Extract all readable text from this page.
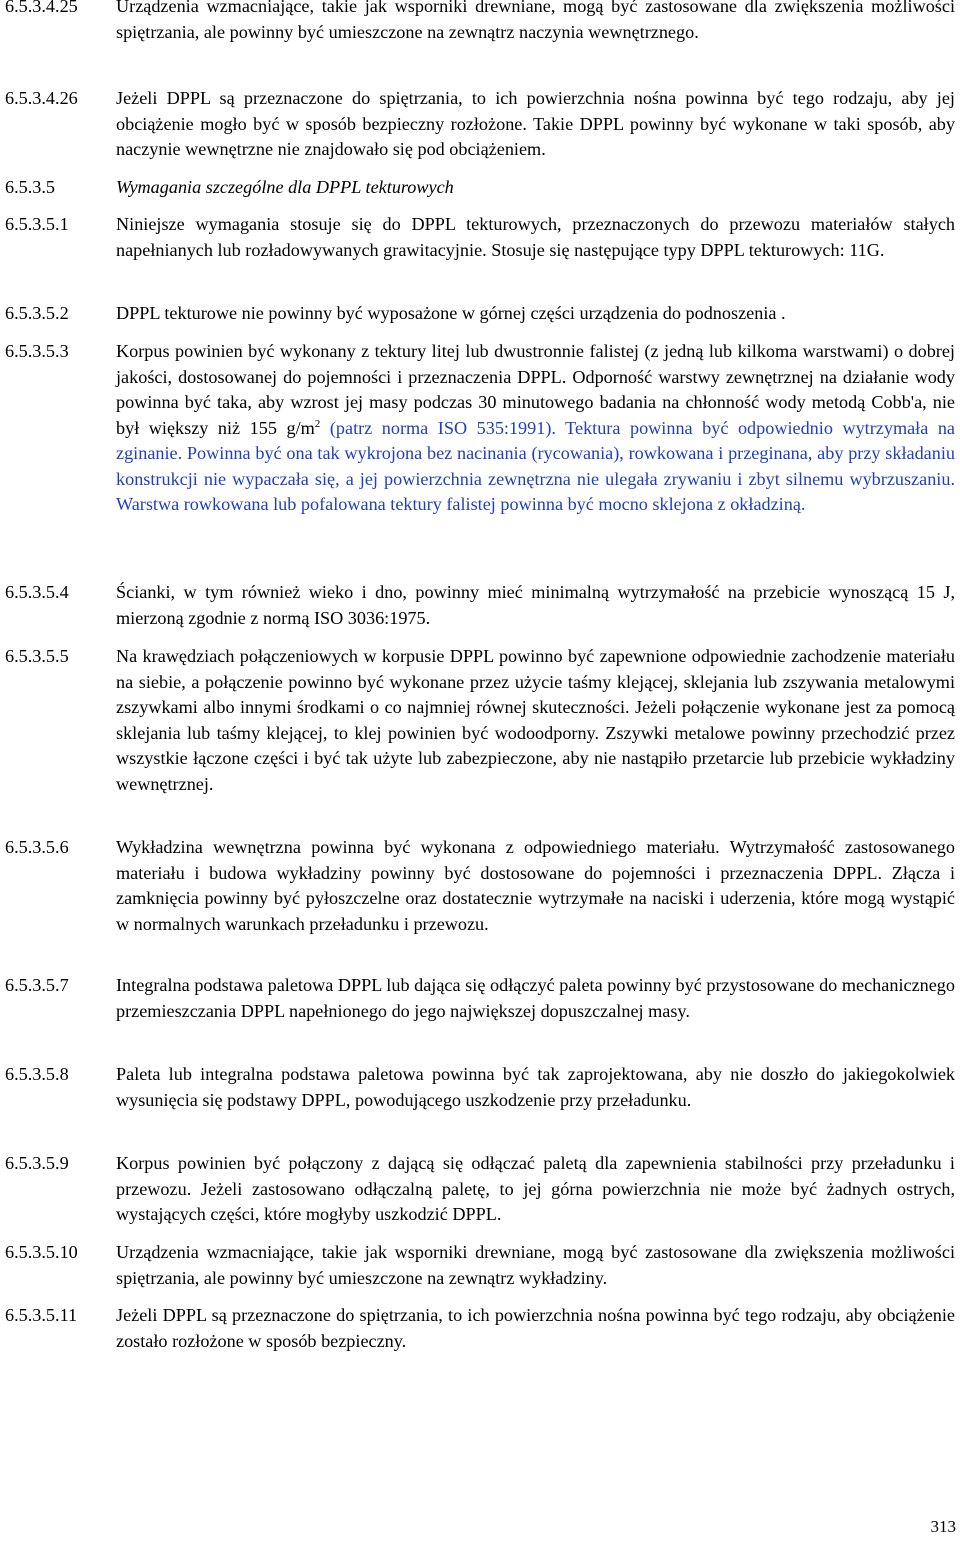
6.5.3.4.25	Urządzenia wzmacniające, takie jak wsporniki drewniane, mogą być zastosowane dla zwiększenia możliwości spiętrzania, ale powinny być umieszczone na zewnątrz naczynia wewnętrznego.
6.5.3.4.26	Jeżeli DPPL są przeznaczone do spiętrzania, to ich powierzchnia nośna powinna być tego rodzaju, aby jej obciążenie mogło być w sposób bezpieczny rozłożone. Takie DPPL powinny być wykonane w taki sposób, aby naczynie wewnętrzne nie znajdowało się pod obciążeniem.
6.5.3.5	Wymagania szczególne dla DPPL tekturowych
6.5.3.5.1	Niniejsze wymagania stosuje się do DPPL tekturowych, przeznaczonych do przewozu materiałów stałych napełnianych lub rozładowywanych grawitacyjnie. Stosuje się następujące typy DPPL tekturowych: 11G.
6.5.3.5.2	DPPL tekturowe nie powinny być wyposażone w górnej części urządzenia do podnoszenia .
6.5.3.5.3	Korpus powinien być wykonany z tektury litej lub dwustronnie falistej (z jedną lub kilkoma warstwami) o dobrej jakości, dostosowanej do pojemności i przeznaczenia DPPL. Odporność warstwy zewnętrznej na działanie wody powinna być taka, aby wzrost jej masy podczas 30 minutowego badania na chłonność wody metodą Cobb'a, nie był większy niż 155 $g/m^2$ (patrz norma ISO 535:1991). Tektura powinna być odpowiednio wytrzymała na zginanie. Powinna być ona tak wykrojona bez nacinania (rycowania), rowkowana i przeginana, aby przy składaniu konstrukcji nie wypaczała się, a jej powierzchnia zewnętrzna nie ulegała zrywaniu i zbyt silnemu wybrzuszaniu. Warstwa rowkowana lub pofalowana tektury falistej powinna być mocno sklejona z okładziną.
6.5.3.5.4	Ścianki, w tym również wieko i dno, powinny mieć minimalną wytrzymałość na przebicie wynoszącą 15 J, mierzoną zgodnie z normą ISO 3036:1975.
6.5.3.5.5	Na krawędziach połączeniowych w korpusie DPPL powinno być zapewnione odpowiednie zachodzenie materiału na siebie, a połączenie powinno być wykonane przez użycie taśmy klejącej, sklejania lub zszywania metalowymi zszywkami albo innymi środkami o co najmniej równej skuteczności. Jeżeli połączenie wykonane jest za pomocą sklejania lub taśmy klejącej, to klej powinien być wodoodporny. Zszywki metalowe powinny przechodzić przez wszystkie łączone części i być tak użyte lub zabezpieczone, aby nie nastąpiło przetarcie lub przebicie wykładziny wewnętrznej.
6.5.3.5.6	Wykładzina wewnętrzna powinna być wykonana z odpowiedniego materiału. Wytrzymałość zastosowanego materiału i budowa wykładziny powinny być dostosowane do pojemności i przeznaczenia DPPL. Złącza i zamknięcia powinny być pyłoszczelne oraz dostatecznie wytrzymałe na naciski i uderzenia, które mogą wystąpić w normalnych warunkach przeładunku i przewozu.
6.5.3.5.7	Integralna podstawa paletowa DPPL lub dająca się odłączyć paleta powinny być przystosowane do mechanicznego przemieszczania DPPL napełnionego do jego największej dopuszczalnej masy.
6.5.3.5.8	Paleta lub integralna podstawa paletowa powinna być tak zaprojektowana, aby nie doszło do jakiegokolwiek wysunięcia się podstawy DPPL, powodującego uszkodzenie przy przeładunku.
6.5.3.5.9	Korpus powinien być połączony z dającą się odłączać paletą dla zapewnienia stabilności przy przeładunku i przewozu. Jeżeli zastosowano odłączalną paletę, to jej górna powierzchnia nie może być żadnych ostrych, wystających części, które mogłyby uszkodzić DPPL.
6.5.3.5.10	Urządzenia wzmacniające, takie jak wsporniki drewniane, mogą być zastosowane dla zwiększenia możliwości spiętrzania, ale powinny być umieszczone na zewnątrz wykładziny.
6.5.3.5.11	Jeżeli DPPL są przeznaczone do spiętrzania, to ich powierzchnia nośna powinna być tego rodzaju, aby obciążenie zostało rozłożone w sposób bezpieczny.
313
